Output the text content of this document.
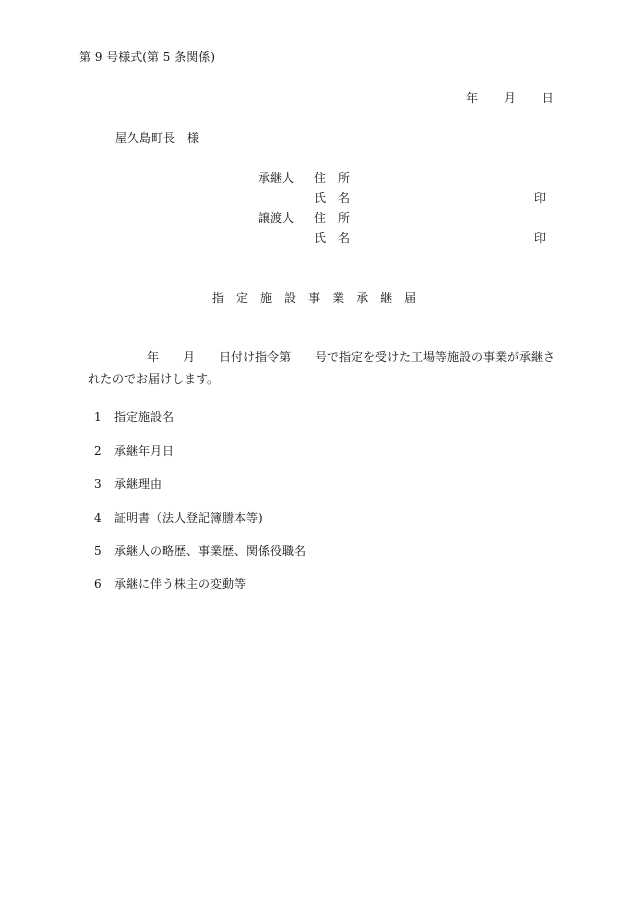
第 9 号様式(第 5 条関係)
年 月 日
屋久島町長　様
承継人 住　所
氏　名	印
譲渡人 住　所
氏　名	印
指 定 施 設 事 業 承 継 届
年　　月　　日付け指令第　　号で指定を受けた工場等施設の事業が承継さ
れたのでお届けします。
1 指定施設名
2 承継年月日
3 承継理由
4 証明書（法人登記簿謄本等)
5 承継人の略歴、事業歴、関係役職名
6 承継に伴う株主の変動等
